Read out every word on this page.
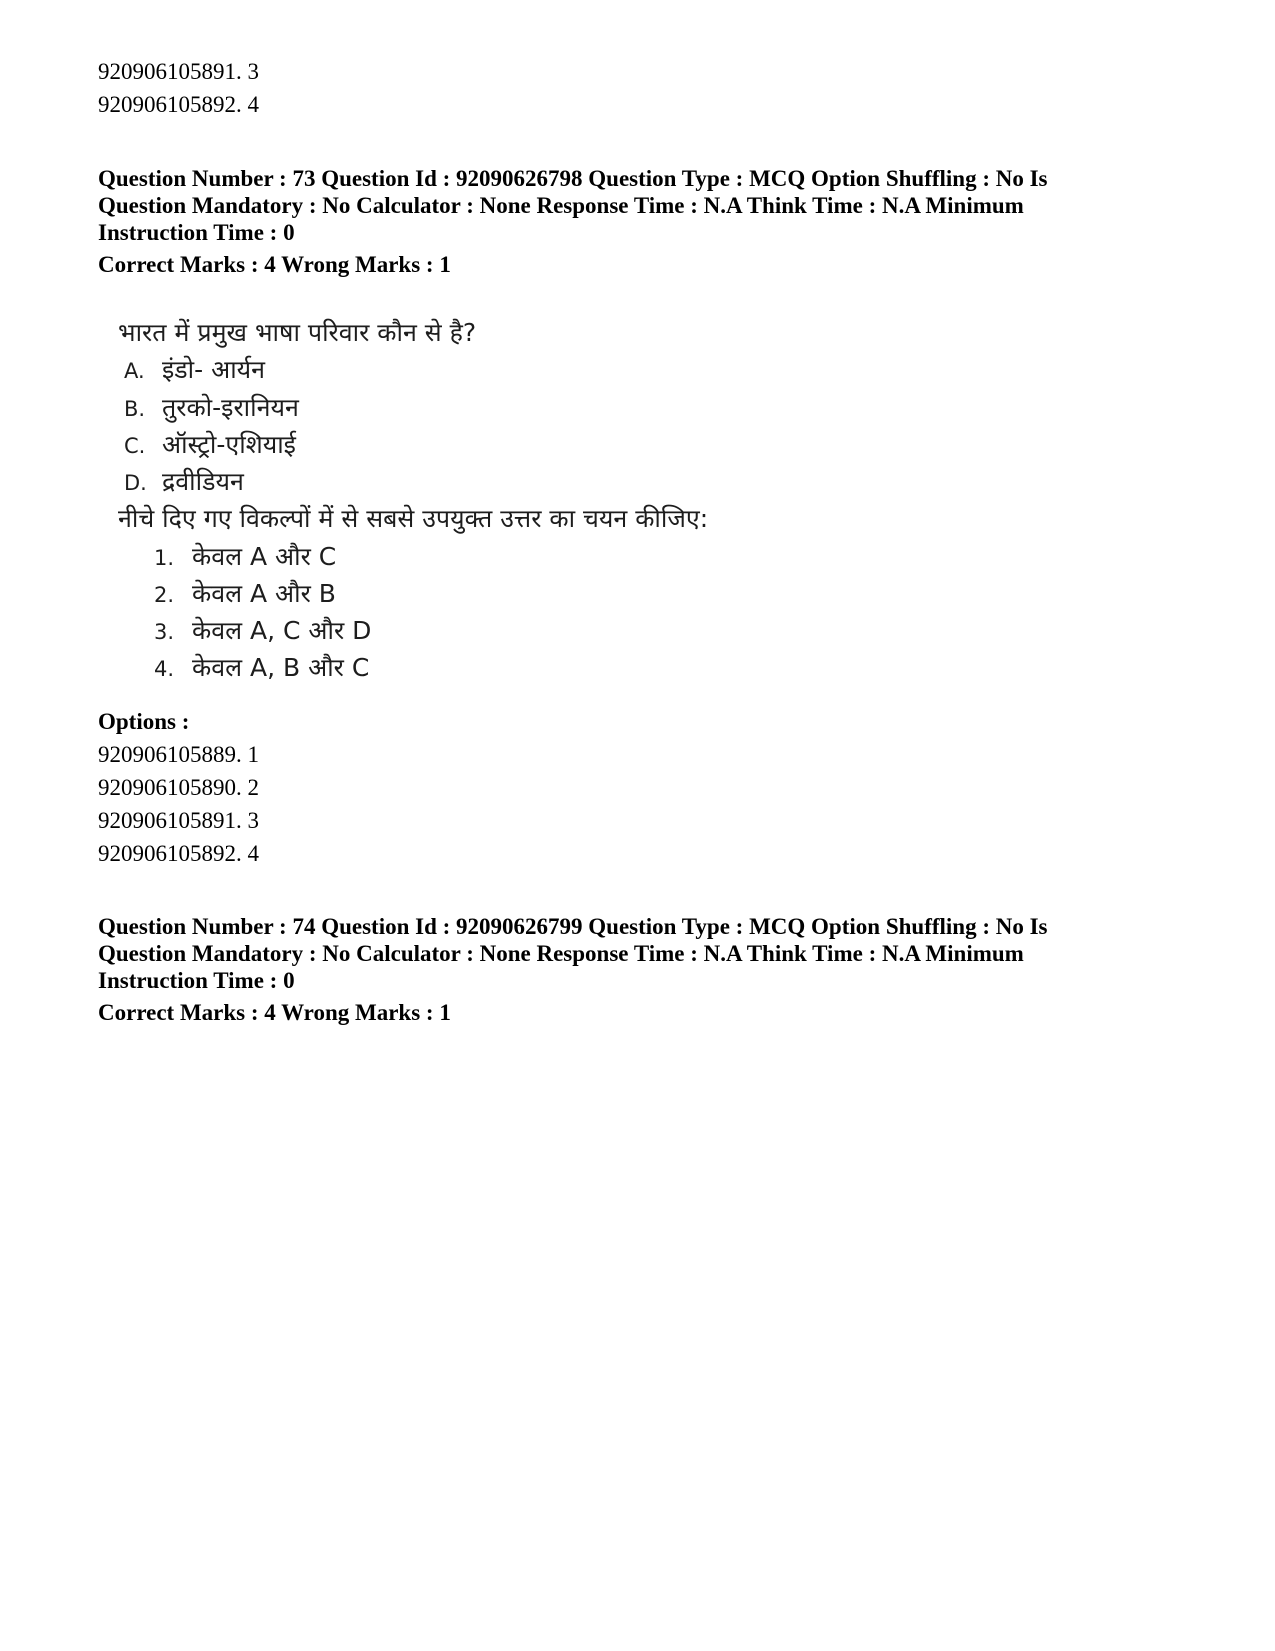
920906105891. 3
920906105892. 4
Question Number : 73 Question Id : 92090626798 Question Type : MCQ Option Shuffling : No Is
Question Mandatory : No Calculator : None Response Time : N.A Think Time : N.A Minimum
Instruction Time : 0
Correct Marks : 4 Wrong Marks : 1
भारत में प्रमुख भाषा परिवार कौन से है?
A. इंडो- आर्यन
B. तुरको-इरानियन
C. ऑस्ट्रो-एशियाई
D. द्रवीडियन
नीचे दिए गए विकल्पों में से सबसे उपयुक्त उत्तर का चयन कीजिए:
1. केवल A और C
2. केवल A और B
3. केवल A, C और D
4. केवल A, B और C
Options :
920906105889. 1
920906105890. 2
920906105891. 3
920906105892. 4
Question Number : 74 Question Id : 92090626799 Question Type : MCQ Option Shuffling : No Is
Question Mandatory : No Calculator : None Response Time : N.A Think Time : N.A Minimum
Instruction Time : 0
Correct Marks : 4 Wrong Marks : 1
